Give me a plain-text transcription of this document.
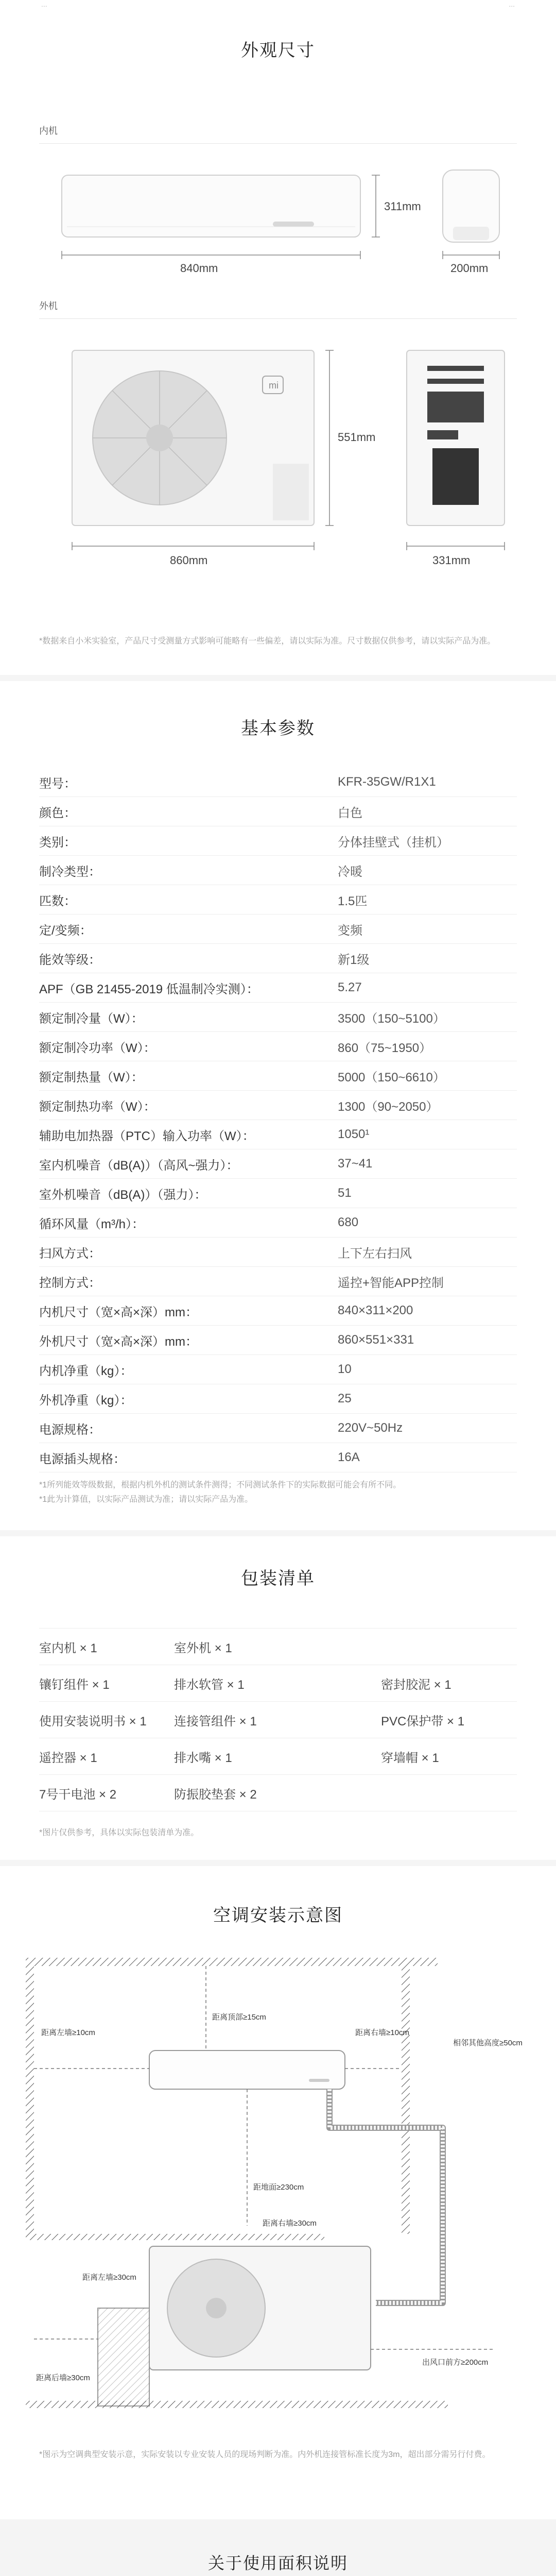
...	...
外观尺寸
内机
311mm
840mm	200mm
外机
mi
551mm
860mm	331mm
*数据来自小米实验室，产品尺寸受测量方式影响可能略有一些偏差，请以实际为准。尺寸数据仅供参考，请以实际产品为准。
基本参数
型号：	KFR-35GW/R1X1
颜色：	白色
类别：	分体挂壁式（挂机）
制冷类型：	冷暖
匹数：	1.5匹
定/变频：	变频
能效等级：	新1级
APF（GB 21455-2019 低温制冷实测）：	5.27
额定制冷量（W）：	3500（150~5100）
额定制冷功率（W）：	860（75~1950）
额定制热量（W）：	5000（150~6610）
额定制热功率（W）：	1300（90~2050）
辅助电加热器（PTC）输入功率（W）：	1050¹
室内机噪音（dB(A)）（高风~强力）：	37~41
室外机噪音（dB(A)）（强力）：	51
循环风量（m³/h）：	680
扫风方式：	上下左右扫风
控制方式：	遥控+智能APP控制
内机尺寸（宽×高×深）mm：	840×311×200
外机尺寸（宽×高×深）mm：	860×551×331
内机净重（kg）：	10
外机净重（kg）：	25
电源规格：	220V~50Hz
电源插头规格：	16A
*1所列能效等级数据，根据内机外机的测试条件测得；不同测试条件下的实际数据可能会有所不同。
*1此为计算值，以实际产品测试为准；请以实际产品为准。
包装清单
室内机 × 1	室外机 × 1
镶钉组件 × 1	排水软管 × 1	密封胶泥 × 1
使用安装说明书 × 1	连接管组件 × 1	PVC保护带 × 1
遥控器 × 1	排水嘴 × 1	穿墙帽 × 1
7号干电池 × 2	防振胶垫套 × 2
*图片仅供参考，具体以实际包装清单为准。
空调安装示意图
距离左墙≥10cm
距离顶部≥15cm
距离右墙≥10cm
相邻其他高度≥50cm
距地面≥230cm
距离左墙≥30cm
距离右墙≥30cm
距离后墙≥30cm
出风口前方≥200cm
*图示为空调典型安装示意，实际安装以专业安装人员的现场判断为准。内外机连接管标准长度为3m，超出部分需另行付费。
关于使用面积说明
